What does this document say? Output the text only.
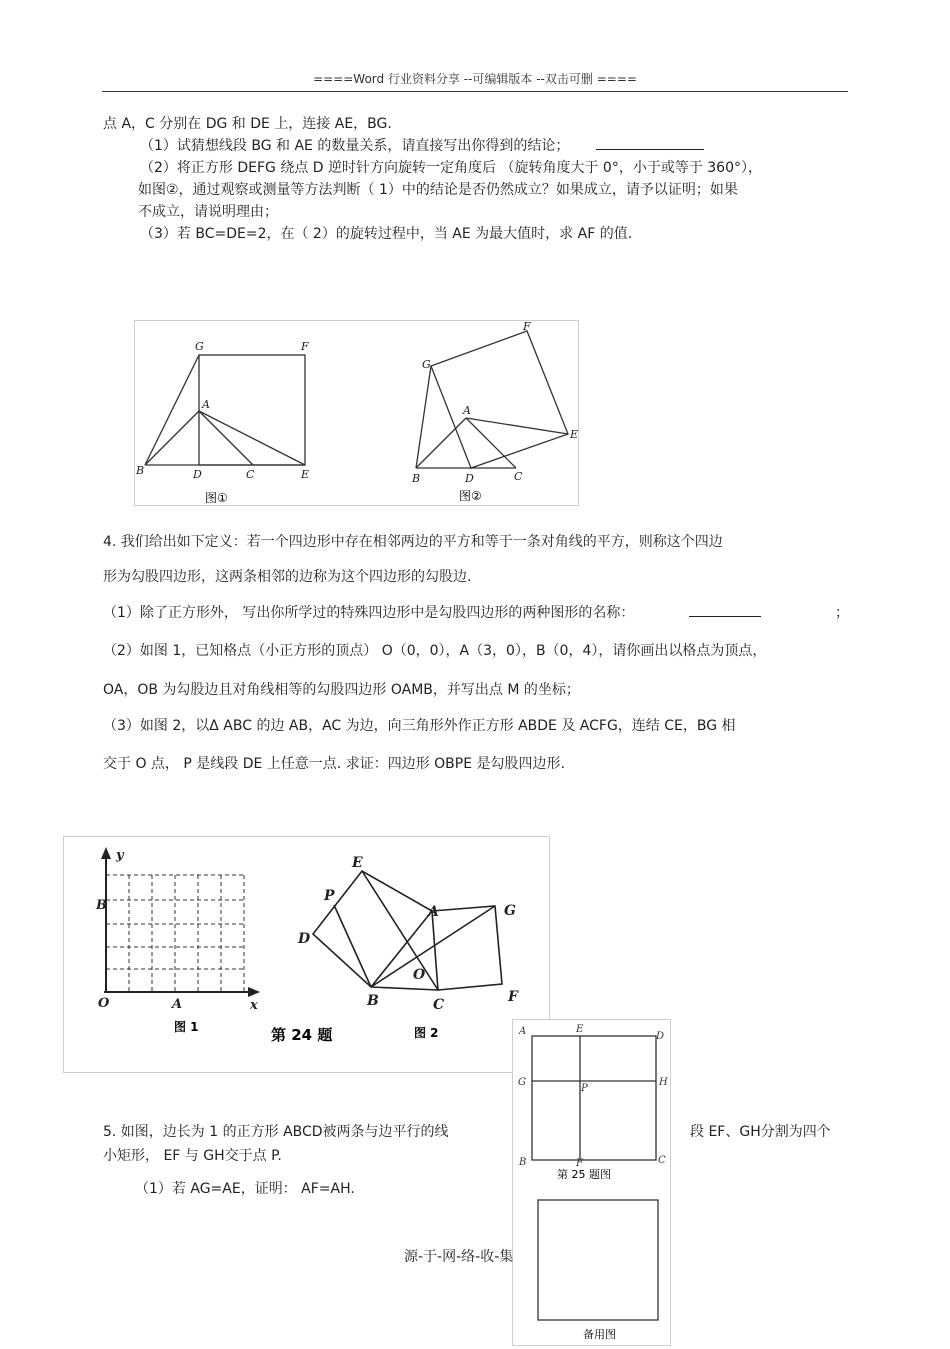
====Word 行业资料分享 --可编辑版本 --双击可删 ====
点 A，C 分别在 DG 和 DE 上，连接 AE，BG.
（1）试猜想线段 BG 和 AE 的数量关系，请直接写出你得到的结论；
（2）将正方形 DEFG 绕点 D 逆时针方向旋转一定角度后 （旋转角度大于 0°，小于或等于 360°），
如图②，通过观察或测量等方法判断（ 1）中的结论是否仍然成立？如果成立，请予以证明；如果
不成立，请说明理由；
（3）若 BC=DE=2，在（ 2）的旋转过程中，当 AE 为最大值时，求 AF 的值.
G	F
A
B	D	C	E
G
F
A
B	D	C
E
图①	图②
4. 我们给出如下定义：若一个四边形中存在相邻两边的平方和等于一条对角线的平方，则称这个四边
形为勾股四边形，这两条相邻的边称为这个四边形的勾股边.
（1）除了正方形外， 写出你所学过的特殊四边形中是勾股四边形的两种图形的名称：	；
（2）如图 1，已知格点（小正方形的顶点） O（0，0），A（3，0），B（0，4），请你画出以格点为顶点，
OA，OB 为勾股边且对角线相等的勾股四边形 OAMB，并写出点 M 的坐标；
（3）如图 2，以Δ ABC 的边 AB，AC 为边，向三角形外作正方形 ABDE 及 ACFG，连结 CE，BG 相
交于 O 点， P 是线段 DE 上任意一点. 求证：四边形 OBPE 是勾股四边形.
y
x
B
O	A
E
P
D
A	G
O
B	C	F
图 1	第 24 题	图 2
5. 如图，边长为 1 的正方形 ABCD被两条与边平行的线	段 EF、GH分割为四个
小矩形， EF 与 GH交于点 P.
（1）若 AG=AE，证明： AF=AH.
A	E
D
G
P
H
B	F	C
第 25 题图
备用图
源-于-网-络-收-集
